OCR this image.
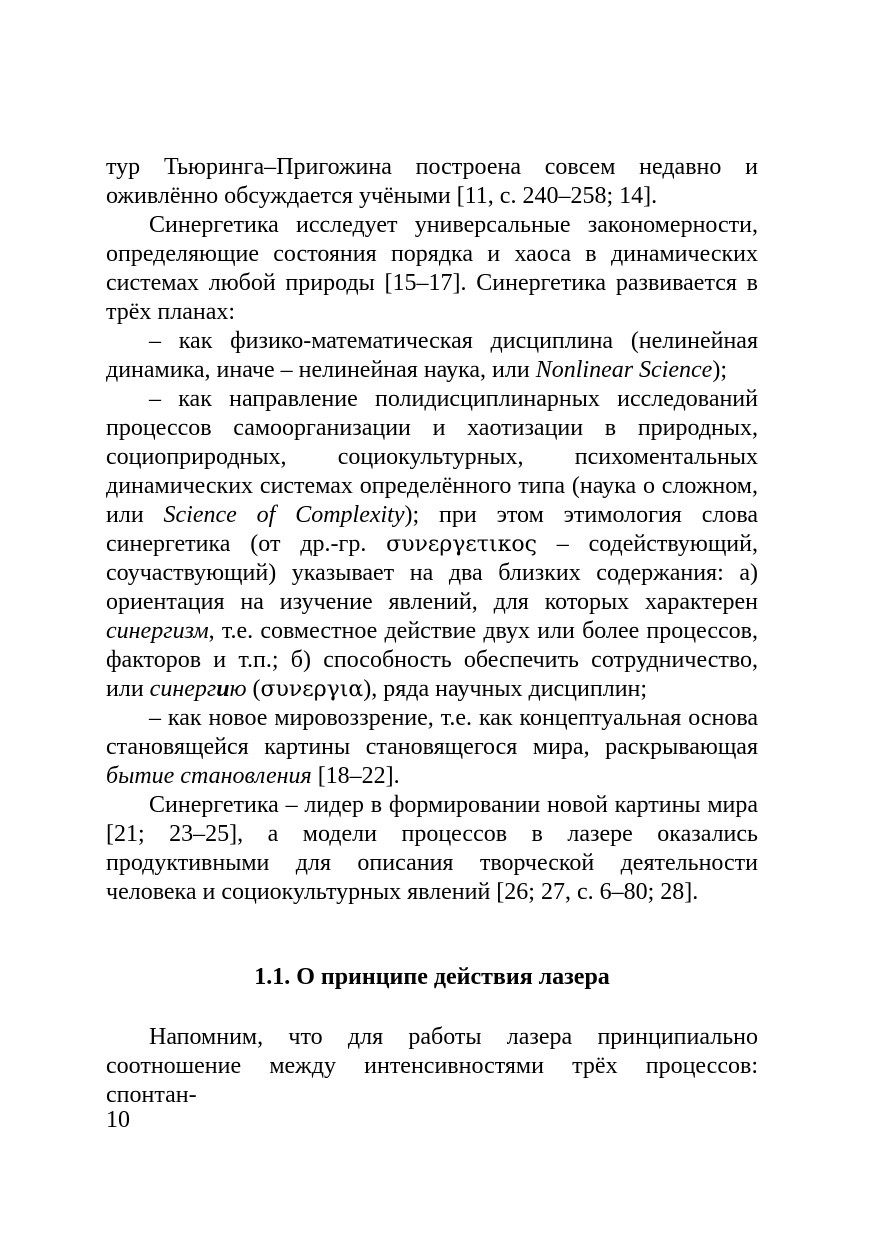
тур Тьюринга–Пригожина построена совсем недавно и оживлённо обсуждается учёными [11, с. 240–258; 14].

Синергетика исследует универсальные закономерности, определяющие состояния порядка и хаоса в динамических системах любой природы [15–17]. Синергетика развивается в трёх планах:

– как физико-математическая дисциплина (нелинейная динамика, иначе – нелинейная наука, или Nonlinear Science);

– как направление полидисциплинарных исследований процессов самоорганизации и хаотизации в природных, социоприродных, социокультурных, психоментальных динамических системах определённого типа (наука о сложном, или Science of Complexity); при этом этимология слова синергетика (от др.-гр. συνεργετικος – содействующий, соучаствующий) указывает на два близких содержания: а) ориентация на изучение явлений, для которых характерен синергизм, т.е. совместное действие двух или более процессов, факторов и т.п.; б) способность обеспечить сотрудничество, или синергию (συνεργια), ряда научных дисциплин;

– как новое мировоззрение, т.е. как концептуальная основа становящейся картины становящегося мира, раскрывающая бытие становления [18–22].

Синергетика – лидер в формировании новой картины мира [21; 23–25], а модели процессов в лазере оказались продуктивными для описания творческой деятельности человека и социокультурных явлений [26; 27, с. 6–80; 28].

1.1. О принципе действия лазера

Напомним, что для работы лазера принципиально соотношение между интенсивностями трёх процессов: спонтан-

10
